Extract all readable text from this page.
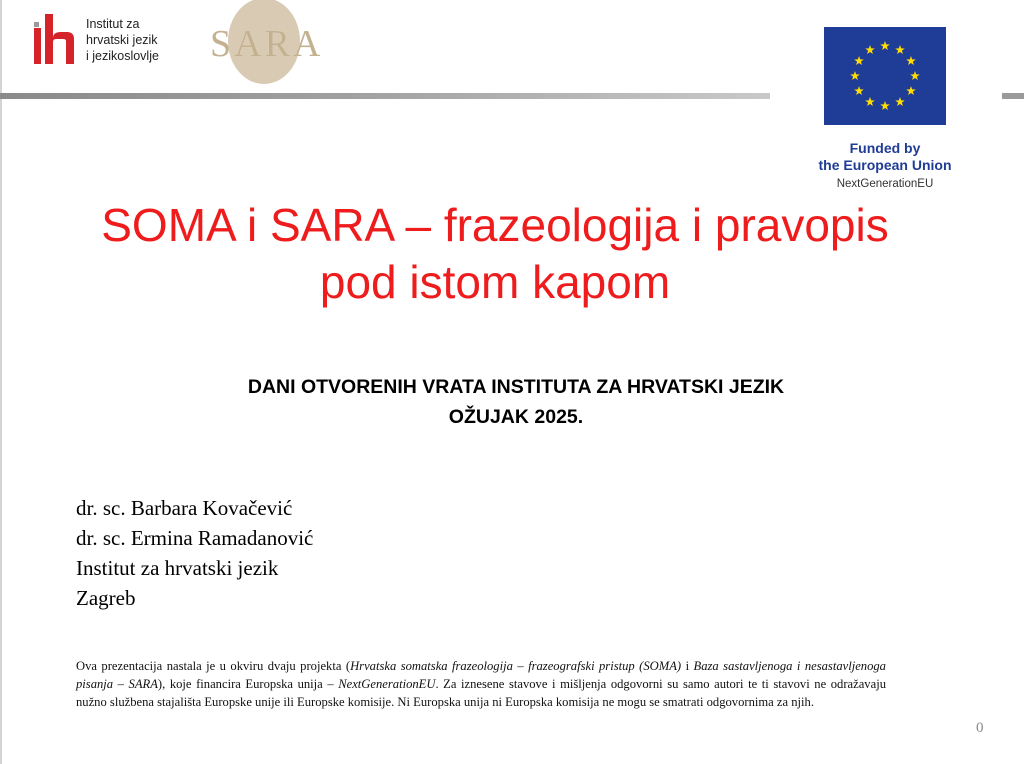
Institut za
hrvatski jezik
i jezikoslovlje	SARA
Funded by
the European Union
NextGenerationEU
SOMA i SARA – frazeologija i pravopis
pod istom kapom
DANI OTVORENIH VRATA INSTITUTA ZA HRVATSKI JEZIK
OŽUJAK 2025.
dr. sc. Barbara Kovačević
dr. sc. Ermina Ramadanović
Institut za hrvatski jezik
Zagreb
Ova prezentacija nastala je u okviru dvaju projekta (Hrvatska somatska frazeologija – frazeografski pristup (SOMA) i Baza sastavljenoga i nesastavljenoga pisanja – SARA), koje financira Europska unija – NextGenerationEU. Za iznesene stavove i mišljenja odgovorni su samo autori te ti stavovi ne odražavaju nužno službena stajališta Europske unije ili Europske komisije. Ni Europska unija ni Europska komisija ne mogu se smatrati odgovornima za njih.
0
